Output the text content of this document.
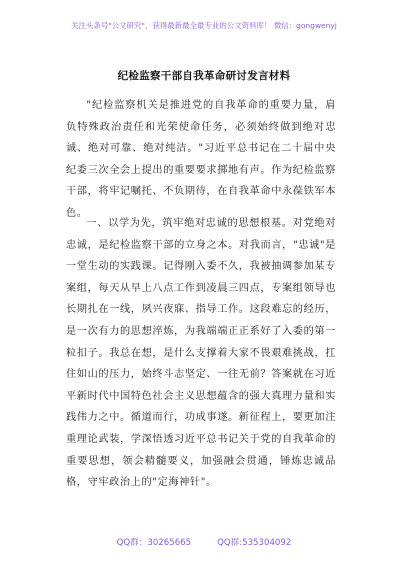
关注头条号"公文研究"，获得最新最全最专业的公文资料库！ 微信：gongwenyj
纪检监察干部自我革命研讨发言材料

"纪检监察机关是推进党的自我革命的重要力量，肩负特殊政治责任和光荣使命任务，必须始终做到绝对忠诚、绝对可靠、绝对纯洁。"习近平总书记在二十届中央纪委三次全会上提出的重要要求掷地有声。作为纪检监察干部，将牢记嘱托、不负期待，在自我革命中永葆铁军本色。

一、以学为先，筑牢绝对忠诚的思想根基。对党绝对忠诚，是纪检监察干部的立身之本。对我而言，"忠诚"是一堂生动的实践课。记得刚入委不久，我被抽调参加某专案组，每天从早上八点工作到凌晨三四点，专案组领导也长期扎在一线，夙兴夜寐、指导工作。这段难忘的经历，是一次有力的思想淬炼，为我端端正正系好了入委的第一粒扣子。我总在想，是什么支撑着大家不畏艰难挑战，扛住如山的压力，始终斗志坚定、一往无前？答案就在习近平新时代中国特色社会主义思想蕴含的强大真理力量和实践伟力之中。循道而行，功成事遂。新征程上，要更加注重理论武装，学深悟透习近平总书记关于党的自我革命的重要思想，领会精髓要义，加强融会贯通，锤炼忠诚品格，守牢政治上的"定海神针"。

QQ群：30265665	QQ群:535304092
